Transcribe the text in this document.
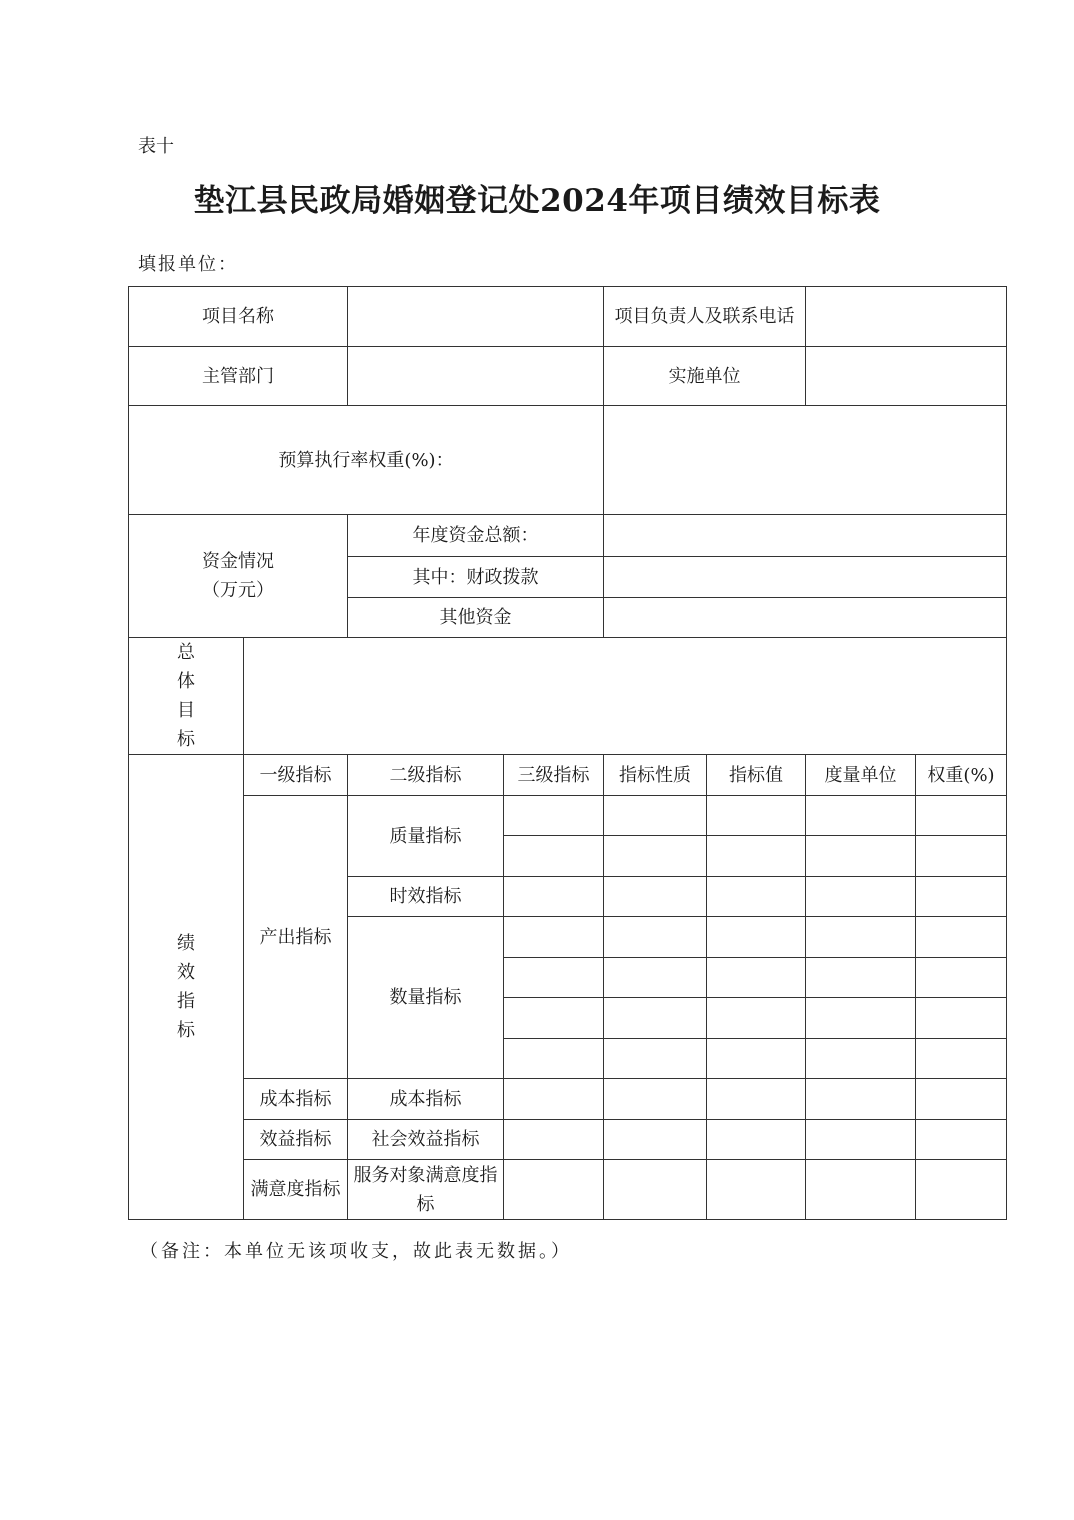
表十
垫江县民政局婚姻登记处2024年项目绩效目标表
填报单位：
项目名称				项目负责人及联系电话			
主管部门				实施单位			
预算执行率权重(%)：							

资金情况
（万元）		年度资金总额：					
		其中：财政拨款					
		其他资金					
总体目标							
绩效指标	一级指标	二级指标	三级指标	指标性质	指标值	度量单位	权重(%)
	产出指标	质量指标					

		时效指标					
		数量指标					

	成本指标	成本指标					
	效益指标	社会效益指标					
	满意度指标	服务对象满意度指标					
（备注：本单位无该项收支，故此表无数据。）
